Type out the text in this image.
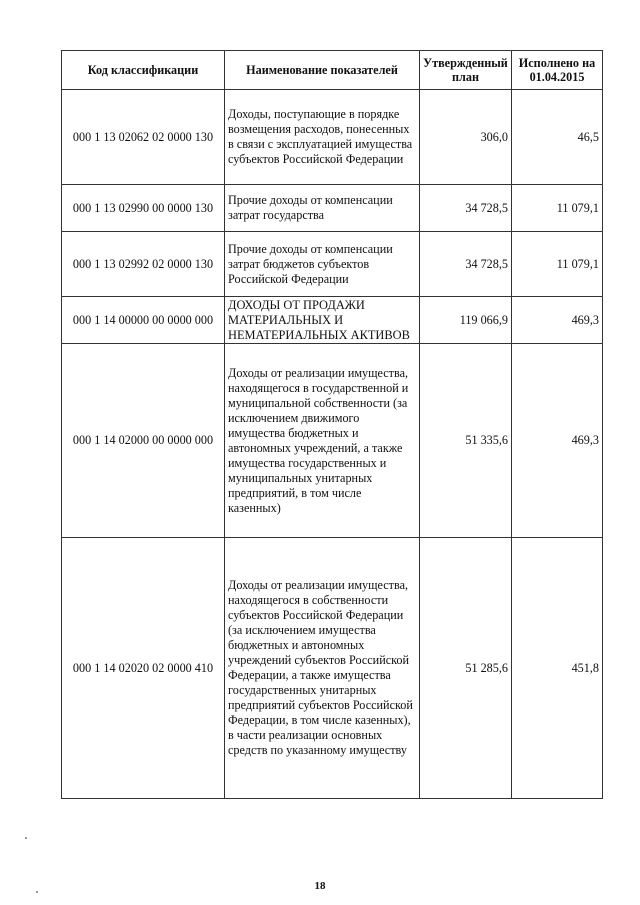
Код классификации	Наименование показателей	Утвержденный план	Исполнено на 01.04.2015
000 1 13 02062 02 0000 130	Доходы, поступающие в порядке возмещения расходов, понесенных в связи с эксплуатацией имущества субъектов Российской Федерации	306,0	46,5
000 1 13 02990 00 0000 130	Прочие доходы от компенсации затрат государства	34 728,5	11 079,1
000 1 13 02992 02 0000 130	Прочие доходы от компенсации затрат бюджетов субъектов Российской Федерации	34 728,5	11 079,1
000 1 14 00000 00 0000 000	ДОХОДЫ ОТ ПРОДАЖИ МАТЕРИАЛЬНЫХ И НЕМАТЕРИАЛЬНЫХ АКТИВОВ	119 066,9	469,3
000 1 14 02000 00 0000 000	Доходы от реализации имущества, находящегося в государственной и муниципальной собственности (за исключением движимого имущества бюджетных и автономных учреждений, а также имущества государственных и муниципальных унитарных предприятий, в том числе казенных)	51 335,6	469,3
000 1 14 02020 02 0000 410	Доходы от реализации имущества, находящегося в собственности субъектов Российской Федерации (за исключением имущества бюджетных и автономных учреждений субъектов Российской Федерации, а также имущества государственных унитарных предприятий субъектов Российской Федерации, в том числе казенных), в части реализации основных средств по указанному имуществу	51 285,6	451,8
18
